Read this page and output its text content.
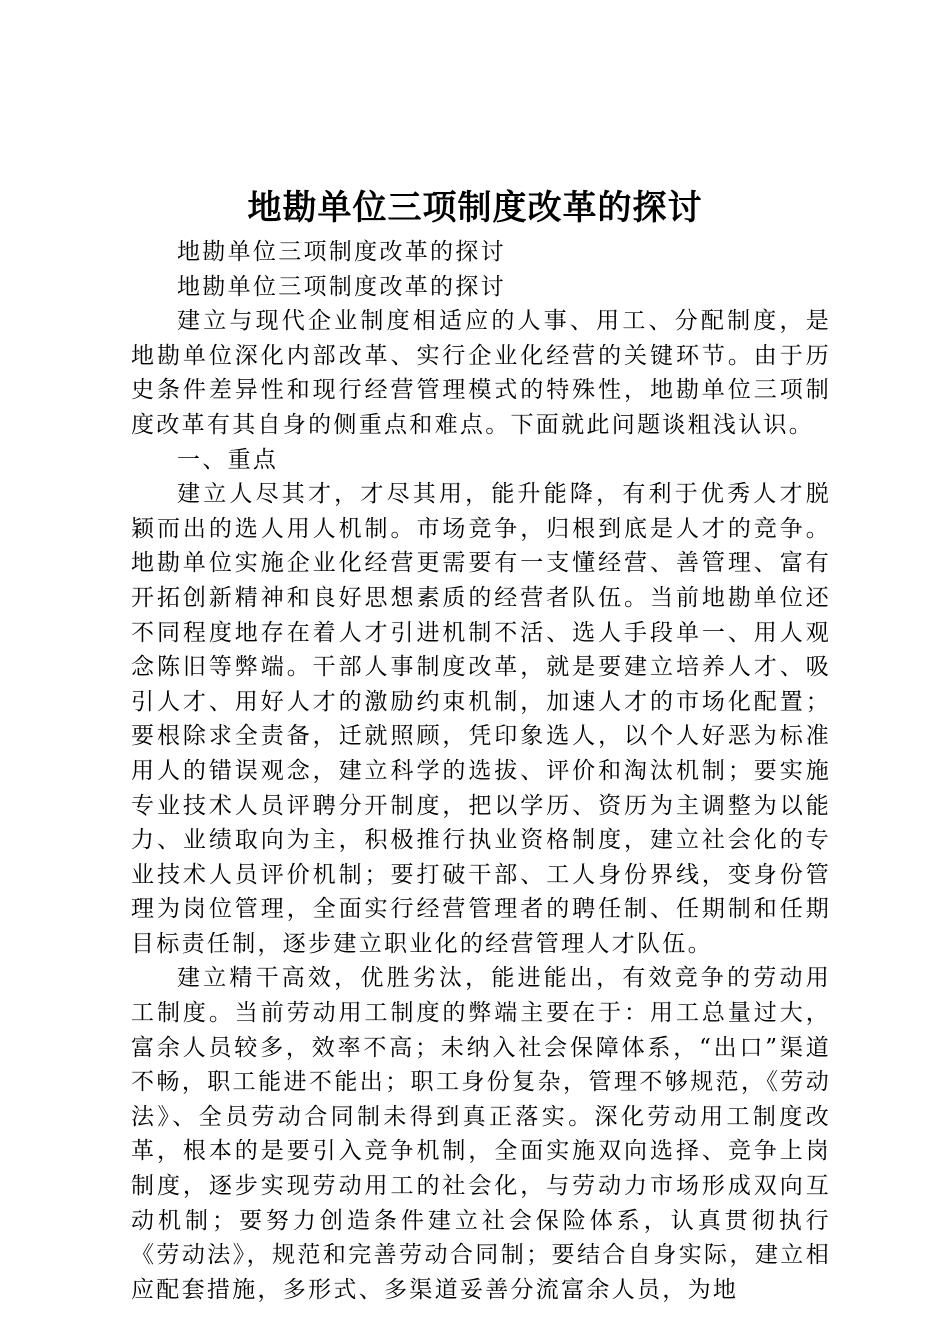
地勘单位三项制度改革的探讨

地勘单位三项制度改革的探讨

地勘单位三项制度改革的探讨

建立与现代企业制度相适应的人事、用工、分配制度，是地勘单位深化内部改革、实行企业化经营的关键环节。由于历史条件差异性和现行经营管理模式的特殊性，地勘单位三项制度改革有其自身的侧重点和难点。下面就此问题谈粗浅认识。

一、重点

建立人尽其才，才尽其用，能升能降，有利于优秀人才脱颖而出的选人用人机制。市场竞争，归根到底是人才的竞争。地勘单位实施企业化经营更需要有一支懂经营、善管理、富有开拓创新精神和良好思想素质的经营者队伍。当前地勘单位还不同程度地存在着人才引进机制不活、选人手段单一、用人观念陈旧等弊端。干部人事制度改革，就是要建立培养人才、吸引人才、用好人才的激励约束机制，加速人才的市场化配置；要根除求全责备，迁就照顾，凭印象选人，以个人好恶为标准用人的错误观念，建立科学的选拔、评价和淘汰机制；要实施专业技术人员评聘分开制度，把以学历、资历为主调整为以能力、业绩取向为主，积极推行执业资格制度，建立社会化的专业技术人员评价机制；要打破干部、工人身份界线，变身份管理为岗位管理，全面实行经营管理者的聘任制、任期制和任期目标责任制，逐步建立职业化的经营管理人才队伍。

建立精干高效，优胜劣汰，能进能出，有效竞争的劳动用工制度。当前劳动用工制度的弊端主要在于：用工总量过大，富余人员较多，效率不高；未纳入社会保障体系，“出口”渠道不畅，职工能进不能出；职工身份复杂，管理不够规范，《劳动法》、全员劳动合同制未得到真正落实。深化劳动用工制度改革，根本的是要引入竞争机制，全面实施双向选择、竞争上岗制度，逐步实现劳动用工的社会化，与劳动力市场形成双向互动机制；要努力创造条件建立社会保险体系，认真贯彻执行《劳动法》，规范和完善劳动合同制；要结合自身实际，建立相应配套措施，多形式、多渠道妥善分流富余人员，为地
